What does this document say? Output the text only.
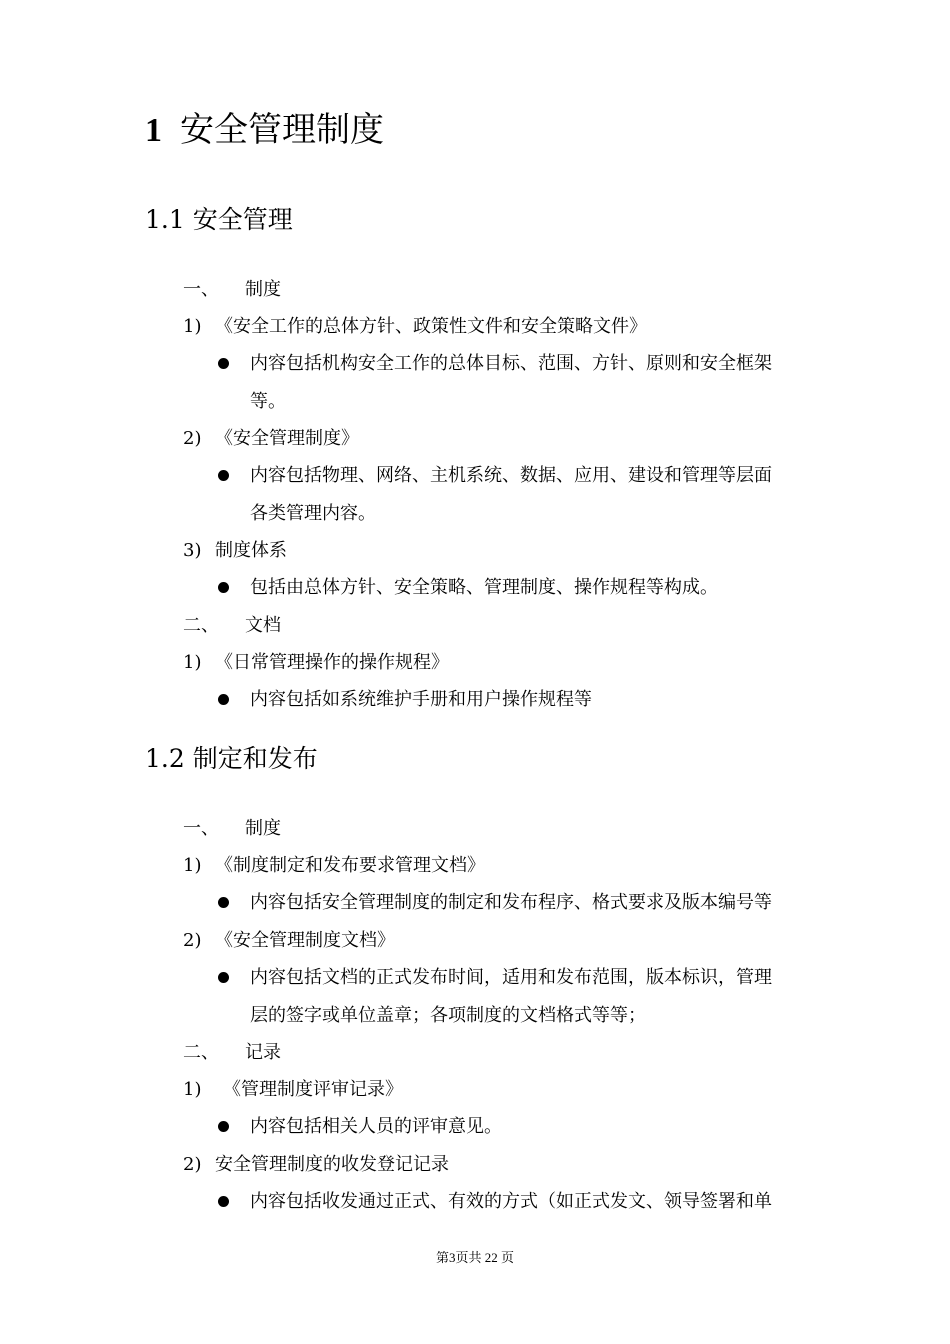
1 安全管理制度
1.1 安全管理
一、 制度
1) 《安全工作的总体方针、政策性文件和安全策略文件》
内容包括机构安全工作的总体目标、范围、方针、原则和安全框架
等。
2) 《安全管理制度》
内容包括物理、网络、主机系统、数据、应用、建设和管理等层面
各类管理内容。
3) 制度体系
包括由总体方针、安全策略、管理制度、操作规程等构成。
二、 文档
1) 《日常管理操作的操作规程》
内容包括如系统维护手册和用户操作规程等
1.2 制定和发布
一、 制度
1) 《制度制定和发布要求管理文档》
内容包括安全管理制度的制定和发布程序、格式要求及版本编号等
2) 《安全管理制度文档》
内容包括文档的正式发布时间，适用和发布范围，版本标识，管理
层的签字或单位盖章；各项制度的文档格式等等；
二、 记录
1) 《管理制度评审记录》
内容包括相关人员的评审意见。
2) 安全管理制度的收发登记记录
内容包括收发通过正式、有效的方式（如正式发文、领导签署和单
第3页共 22 页
